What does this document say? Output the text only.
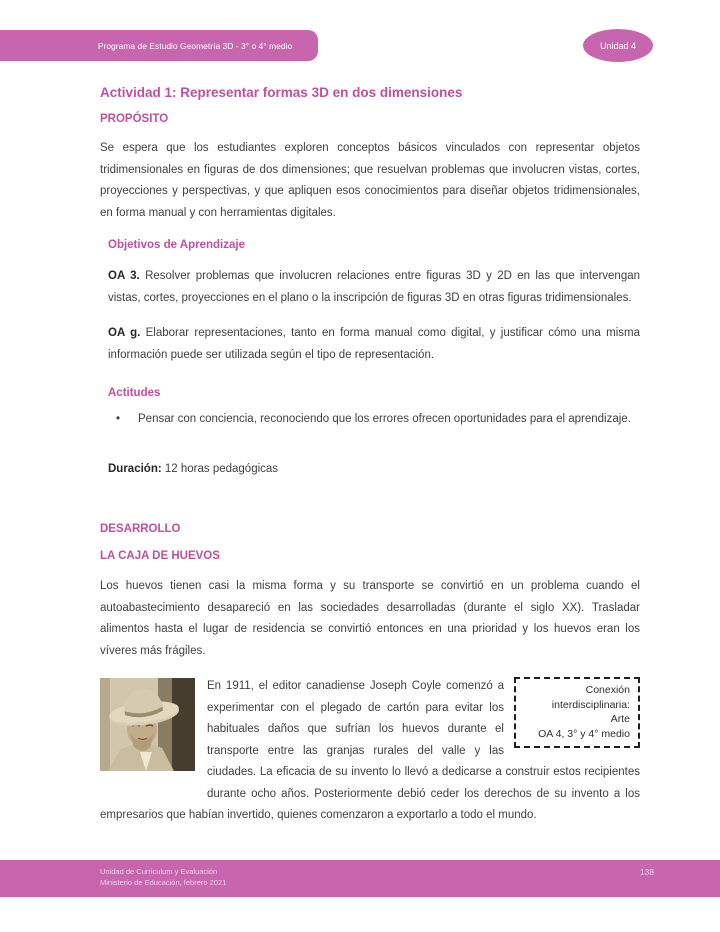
Programa de Estudio Geometría 3D - 3° o 4° medio	Unidad 4
Actividad 1: Representar formas 3D en dos dimensiones
PROPÓSITO

Se espera que los estudiantes exploren conceptos básicos vinculados con representar objetos tridimensionales en figuras de dos dimensiones; que resuelvan problemas que involucren vistas, cortes, proyecciones y perspectivas, y que apliquen esos conocimientos para diseñar objetos tridimensionales, en forma manual y con herramientas digitales.

Objetivos de Aprendizaje

OA 3. Resolver problemas que involucren relaciones entre figuras 3D y 2D en las que intervengan vistas, cortes, proyecciones en el plano o la inscripción de figuras 3D en otras figuras tridimensionales.

OA g. Elaborar representaciones, tanto en forma manual como digital, y justificar cómo una misma información puede ser utilizada según el tipo de representación.

Actitudes
•	Pensar con conciencia, reconociendo que los errores ofrecen oportunidades para el aprendizaje.

Duración: 12 horas pedagógicas

DESARROLLO
LA CAJA DE HUEVOS

Los huevos tienen casi la misma forma y su transporte se convirtió en un problema cuando el autoabastecimiento desapareció en las sociedades desarrolladas (durante el siglo XX). Trasladar alimentos hasta el lugar de residencia se convirtió entonces en una prioridad y los huevos eran los víveres más frágiles.

Conexión
interdisciplinaria:
Arte
OA 4, 3° y 4° medio
En 1911, el editor canadiense Joseph Coyle comenzó a experimentar con el plegado de cartón para evitar los habituales daños que sufrían los huevos durante el transporte entre las granjas rurales del valle y las ciudades. La eficacia de su invento lo llevó a dedicarse a construir estos recipientes durante ocho años. Posteriormente debió ceder los derechos de su invento a los empresarios que habían invertido, quienes comenzaron a exportarlo a todo el mundo.
Unidad de Curriculum y Evaluación
Ministerio de Educación, febrero 2021
138
